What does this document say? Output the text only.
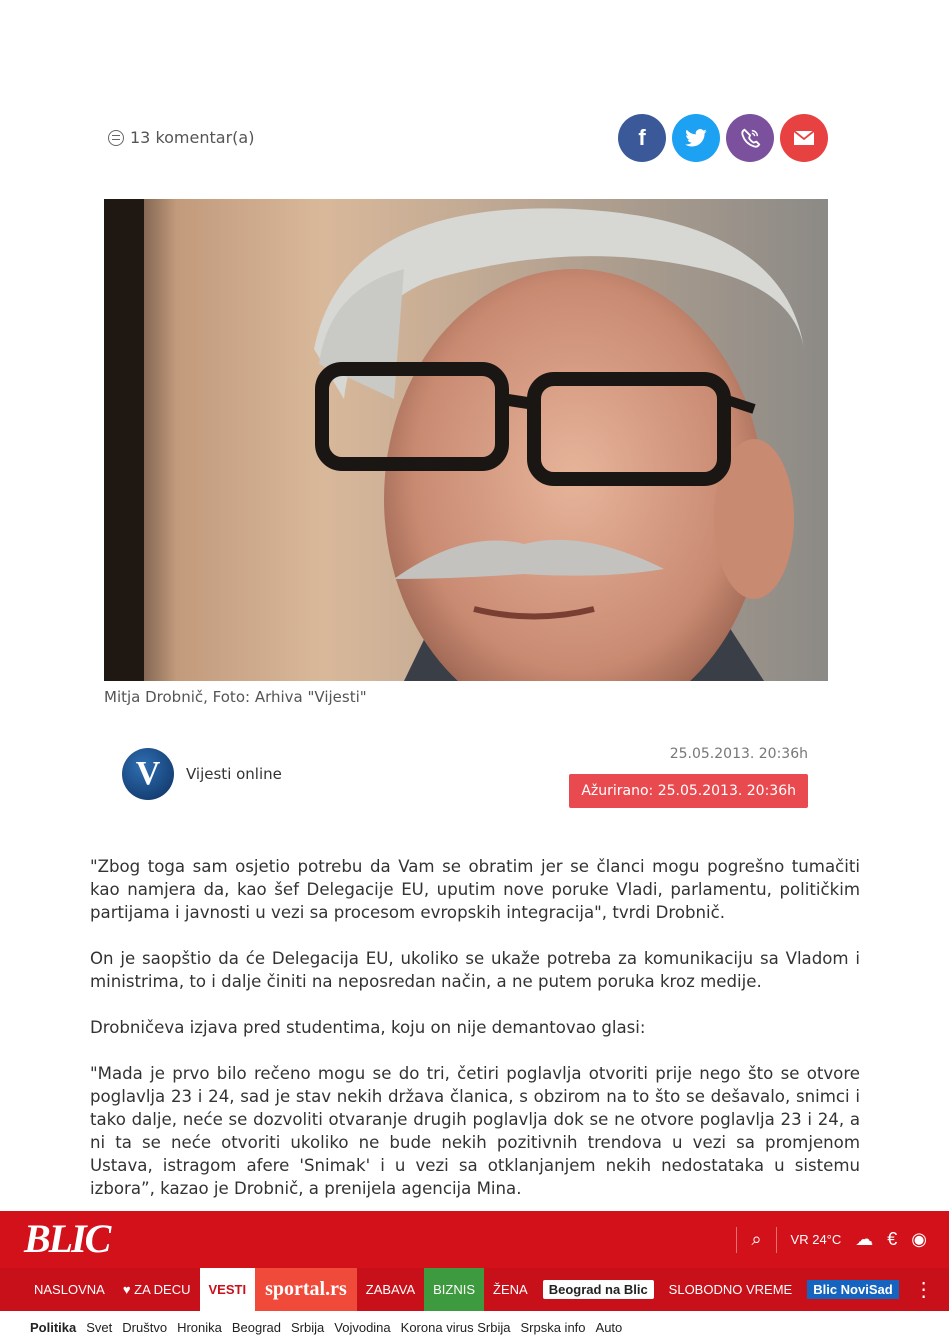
13 komentar(a)	f
Mitja Drobnič, Foto: Arhiva "Vijesti"
V	Vijesti online
25.05.2013. 20:36h
Ažurirano: 25.05.2013. 20:36h

"Zbog toga sam osjetio potrebu da Vam se obratim jer se članci mogu pogrešno tumačiti kao namjera da, kao šef Delegacije EU, uputim nove poruke Vladi, parlamentu, političkim partijama i javnosti u vezi sa procesom evropskih integracija", tvrdi Drobnič.

On je saopštio da će Delegacija EU, ukoliko se ukaže potreba za komunikaciju sa Vladom i ministrima, to i dalje činiti na neposredan način, a ne putem poruka kroz medije.

Drobničeva izjava pred studentima, koju on nije demantovao glasi:

"Mada je prvo bilo rečeno mogu se do tri, četiri poglavlja otvoriti prije nego što se otvore poglavlja 23 i 24, sad je stav nekih država članica, s obzirom na to što se dešavalo, snimci i tako dalje, neće se dozvoliti otvaranje drugih poglavlja dok se ne otvore poglavlja 23 i 24, a ni ta se neće otvoriti ukoliko ne bude nekih pozitivnih trendova u vezi sa promjenom Ustava, istragom afere 'Snimak' i u vezi sa otklanjanjem nekih nedostataka u sistemu izbora”, kazao je Drobnič, a prenijela agencija Mina.

BLIC	⌕ VR 24°C ☁ € ◉
NASLOVNA	♥ ZA DECU	VESTI sportal.rs	ZABAVA	BIZNIS	ŽENA	Beograd na Blic	SLOBODNO VREME	Blic NoviSad	⋮
Politika Svet Društvo Hronika Beograd Srbija Vojvodina Korona virus Srbija Srpska info Auto
